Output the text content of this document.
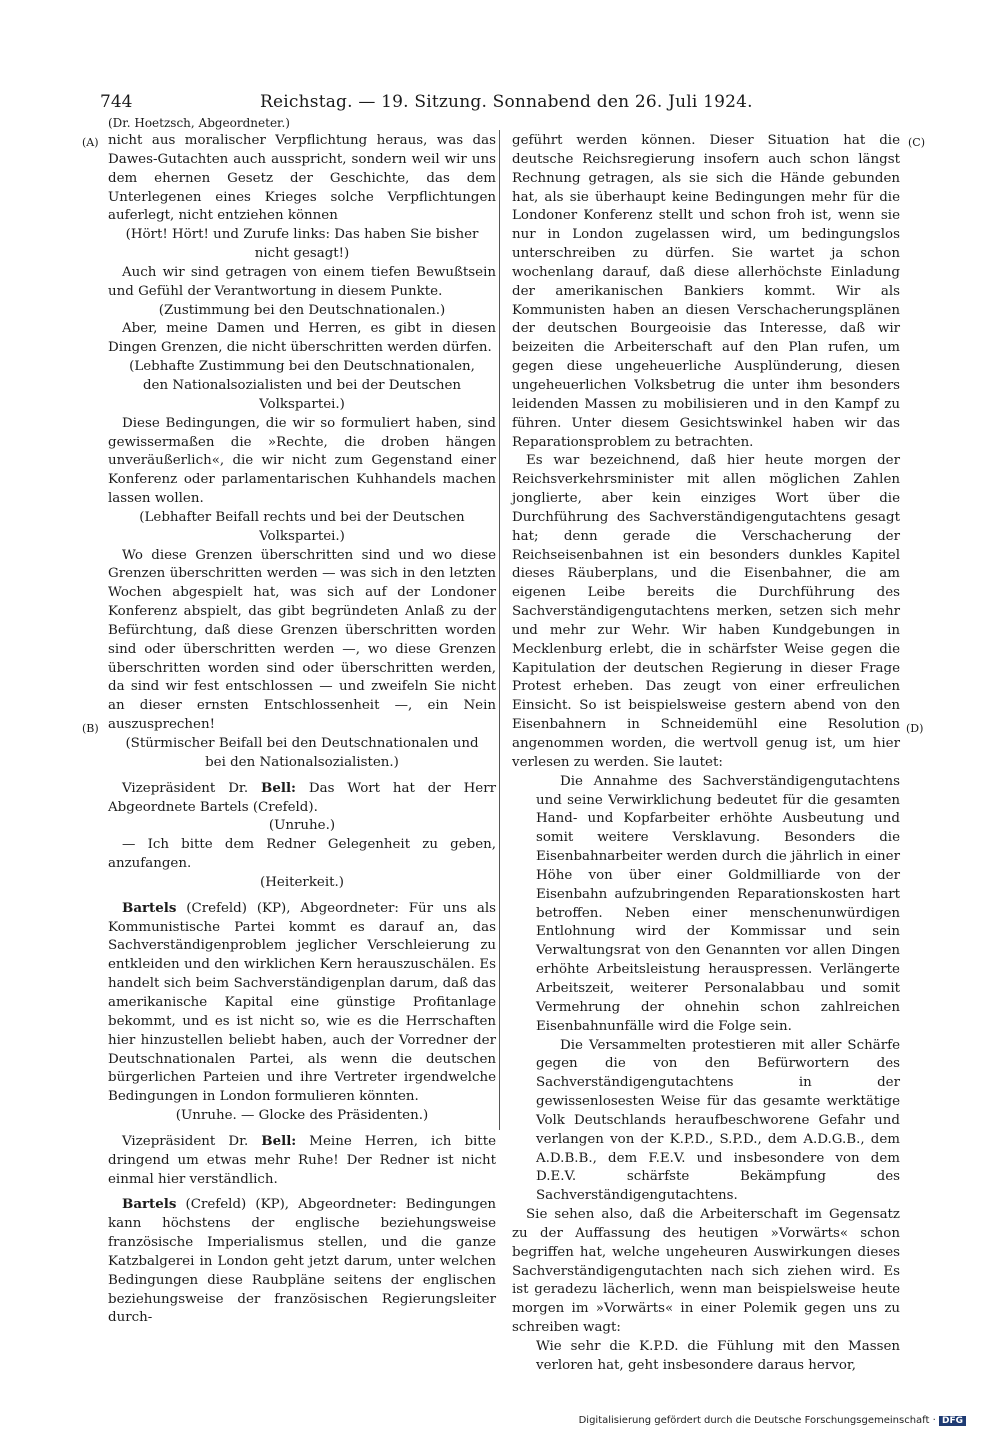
744	Reichstag. — 19. Sitzung. Sonnabend den 26. Juli 1924.
(Dr. Hoetzsch, Abgeordneter.)
(A)
(B)
(C)
(D)

nicht aus moralischer Verpflichtung heraus, was das Dawes-Gutachten auch ausspricht, sondern weil wir uns dem ehernen Gesetz der Geschichte, das dem Unterlegenen eines Krieges solche Verpflichtungen auferlegt, nicht entziehen können

(Hört! Hört! und Zurufe links: Das haben Sie bisher nicht gesagt!)

Auch wir sind getragen von einem tiefen Bewußtsein und Gefühl der Verantwortung in diesem Punkte.

(Zustimmung bei den Deutschnationalen.)

Aber, meine Damen und Herren, es gibt in diesen Dingen Grenzen, die nicht überschritten werden dürfen.

(Lebhafte Zustimmung bei den Deutschnationalen, den Nationalsozialisten und bei der Deutschen Volkspartei.)

Diese Bedingungen, die wir so formuliert haben, sind gewissermaßen die »Rechte, die droben hängen unveräußerlich«, die wir nicht zum Gegenstand einer Konferenz oder parlamentarischen Kuhhandels machen lassen wollen.

(Lebhafter Beifall rechts und bei der Deutschen Volkspartei.)

Wo diese Grenzen überschritten sind und wo diese Grenzen überschritten werden — was sich in den letzten Wochen abgespielt hat, was sich auf der Londoner Konferenz abspielt, das gibt begründeten Anlaß zu der Befürchtung, daß diese Grenzen überschritten worden sind oder überschritten werden —, wo diese Grenzen überschritten worden sind oder überschritten werden, da sind wir fest entschlossen — und zweifeln Sie nicht an dieser ernsten Entschlossenheit —, ein Nein auszusprechen!

(Stürmischer Beifall bei den Deutschnationalen und bei den Nationalsozialisten.)

Vizepräsident Dr. Bell: Das Wort hat der Herr Abgeordnete Bartels (Crefeld).

(Unruhe.)

— Ich bitte dem Redner Gelegenheit zu geben, anzufangen.

(Heiterkeit.)

Bartels (Crefeld) (KP), Abgeordneter: Für uns als Kommunistische Partei kommt es darauf an, das Sachverständigenproblem jeglicher Verschleierung zu entkleiden und den wirklichen Kern herauszuschälen. Es handelt sich beim Sachverständigenplan darum, daß das amerikanische Kapital eine günstige Profitanlage bekommt, und es ist nicht so, wie es die Herrschaften hier hinzustellen beliebt haben, auch der Vorredner der Deutschnationalen Partei, als wenn die deutschen bürgerlichen Parteien und ihre Vertreter irgendwelche Bedingungen in London formulieren könnten.

(Unruhe. — Glocke des Präsidenten.)

Vizepräsident Dr. Bell: Meine Herren, ich bitte dringend um etwas mehr Ruhe! Der Redner ist nicht einmal hier verständlich.

Bartels (Crefeld) (KP), Abgeordneter: Bedingungen kann höchstens der englische beziehungsweise französische Imperialismus stellen, und die ganze Katzbalgerei in London geht jetzt darum, unter welchen Bedingungen diese Raubpläne seitens der englischen beziehungsweise der französischen Regierungsleiter durch-

geführt werden können. Dieser Situation hat die deutsche Reichsregierung insofern auch schon längst Rechnung getragen, als sie sich die Hände gebunden hat, als sie überhaupt keine Bedingungen mehr für die Londoner Konferenz stellt und schon froh ist, wenn sie nur in London zugelassen wird, um bedingungslos unterschreiben zu dürfen. Sie wartet ja schon wochenlang darauf, daß diese allerhöchste Einladung der amerikanischen Bankiers kommt. Wir als Kommunisten haben an diesen Verschacherungsplänen der deutschen Bourgeoisie das Interesse, daß wir beizeiten die Arbeiterschaft auf den Plan rufen, um gegen diese ungeheuerliche Ausplünderung, diesen ungeheuerlichen Volksbetrug die unter ihm besonders leidenden Massen zu mobilisieren und in den Kampf zu führen. Unter diesem Gesichtswinkel haben wir das Reparationsproblem zu betrachten.

Es war bezeichnend, daß hier heute morgen der Reichsverkehrsminister mit allen möglichen Zahlen jonglierte, aber kein einziges Wort über die Durchführung des Sachverständigengutachtens gesagt hat; denn gerade die Verschacherung der Reichseisenbahnen ist ein besonders dunkles Kapitel dieses Räuberplans, und die Eisenbahner, die am eigenen Leibe bereits die Durchführung des Sachverständigengutachtens merken, setzen sich mehr und mehr zur Wehr. Wir haben Kundgebungen in Mecklenburg erlebt, die in schärfster Weise gegen die Kapitulation der deutschen Regierung in dieser Frage Protest erheben. Das zeugt von einer erfreulichen Einsicht. So ist beispielsweise gestern abend von den Eisenbahnern in Schneidemühl eine Resolution angenommen worden, die wertvoll genug ist, um hier verlesen zu werden. Sie lautet:

Die Annahme des Sachverständigengutachtens und seine Verwirklichung bedeutet für die gesamten Hand- und Kopfarbeiter erhöhte Ausbeutung und somit weitere Versklavung. Besonders die Eisenbahnarbeiter werden durch die jährlich in einer Höhe von über einer Goldmilliarde von der Eisenbahn aufzubringenden Reparationskosten hart betroffen. Neben einer menschenunwürdigen Entlohnung wird der Kommissar und sein Verwaltungsrat von den Genannten vor allen Dingen erhöhte Arbeitsleistung herauspressen. Verlängerte Arbeitszeit, weiterer Personalabbau und somit Vermehrung der ohnehin schon zahlreichen Eisenbahnunfälle wird die Folge sein.

Die Versammelten protestieren mit aller Schärfe gegen die von den Befürwortern des Sachverständigengutachtens in der gewissenlosesten Weise für das gesamte werktätige Volk Deutschlands heraufbeschworene Gefahr und verlangen von der K.P.D., S.P.D., dem A.D.G.B., dem A.D.B.B., dem F.E.V. und insbesondere von dem D.E.V. schärfste Bekämpfung des Sachverständigengutachtens.

Sie sehen also, daß die Arbeiterschaft im Gegensatz zu der Auffassung des heutigen »Vorwärts« schon begriffen hat, welche ungeheuren Auswirkungen dieses Sachverständigengutachten nach sich ziehen wird. Es ist geradezu lächerlich, wenn man beispielsweise heute morgen im »Vorwärts« in einer Polemik gegen uns zu schreiben wagt:

Wie sehr die K.P.D. die Fühlung mit den Massen verloren hat, geht insbesondere daraus hervor,

Digitalisierung gefördert durch die Deutsche Forschungsgemeinschaft · DFG
